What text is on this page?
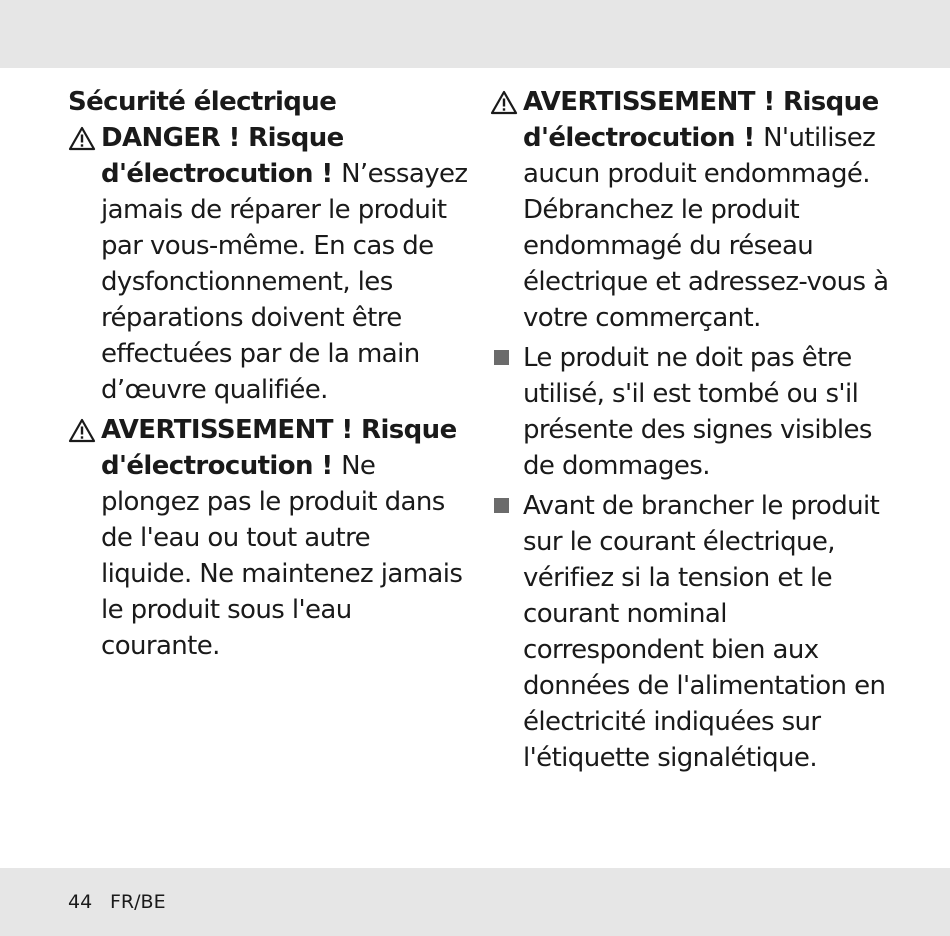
Sécurité électrique
DANGER ! Risque d'électrocution ! N’essayez jamais de réparer le produit par vous-même. En cas de dysfonctionnement, les réparations doivent être effectuées par de la main d’œuvre qualifiée.
AVERTISSEMENT ! Risque d'électrocution ! Ne plongez pas le produit dans de l'eau ou tout autre liquide. Ne maintenez jamais le produit sous l'eau courante.
AVERTISSEMENT ! Risque d'électrocution ! N'utilisez aucun produit endommagé. Débranchez le produit endommagé du réseau électrique et adressez-vous à votre commerçant.
Le produit ne doit pas être utilisé, s'il est tombé ou s'il présente des signes visibles de dommages.
Avant de brancher le produit sur le courant électrique, vérifiez si la tension et le courant nominal correspondent bien aux données de l'alimentation en électricité indiquées sur l'étiquette signalétique.
44 FR/BE
